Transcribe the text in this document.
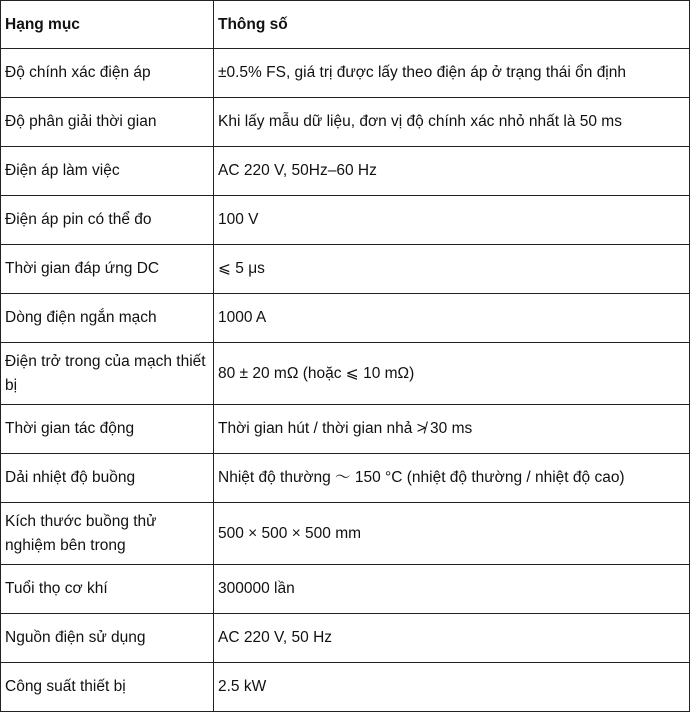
Hạng mục	Thông số
Độ chính xác điện áp	±0.5% FS, giá trị được lấy theo điện áp ở trạng thái ổn định
Độ phân giải thời gian	Khi lấy mẫu dữ liệu, đơn vị độ chính xác nhỏ nhất là 50 ms
Điện áp làm việc	AC 220 V, 50Hz–60 Hz
Điện áp pin có thể đo	100 V
Thời gian đáp ứng DC	⩽ 5 μs
Dòng điện ngắn mạch	1000 A
Điện trở trong của mạch thiết bị	80 ± 20 mΩ (hoặc ⩽ 10 mΩ)
Thời gian tác động	Thời gian hút / thời gian nhả ≯ 30 ms
Dải nhiệt độ buồng	Nhiệt độ thường ～ 150 °C (nhiệt độ thường / nhiệt độ cao)
Kích thước buồng thử nghiệm bên trong	500 × 500 × 500 mm
Tuổi thọ cơ khí	300000 lần
Nguồn điện sử dụng	AC 220 V, 50 Hz
Công suất thiết bị	2.5 kW
